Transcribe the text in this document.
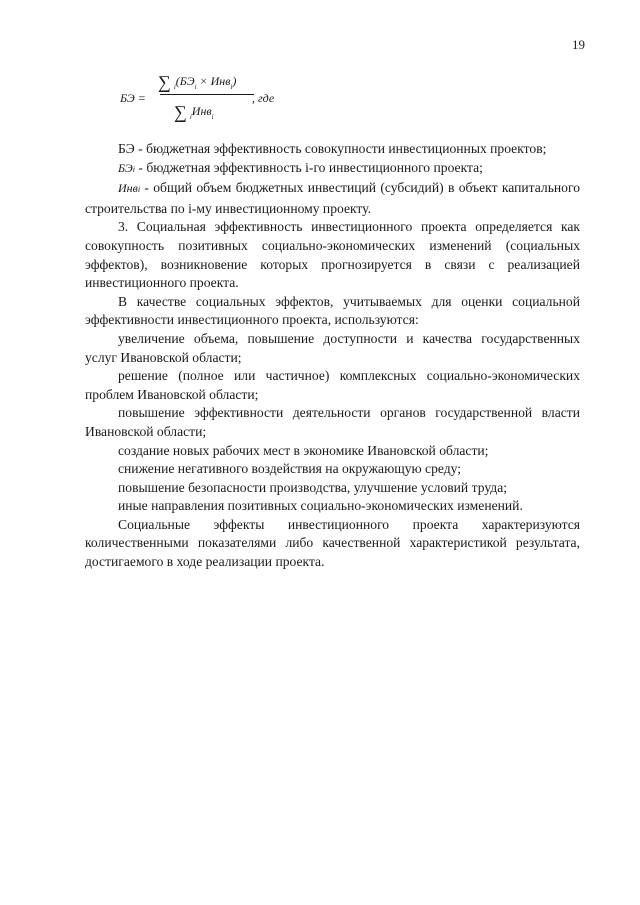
19
БЭ =
∑ $_i(БЭ_i \times Инв_i)$
, где
∑ $_i$Инв$_i$

БЭ - бюджетная эффективность совокупности инвестиционных проектов;

БЭi - бюджетная эффективность i-го инвестиционного проекта;

Инвi - общий объем бюджетных инвестиций (субсидий) в объект капитального строительства по i-му инвестиционному проекту.

3. Социальная эффективность инвестиционного проекта определяется как совокупность позитивных социально-экономических изменений (социальных эффектов), возникновение которых прогнозируется в связи с реализацией инвестиционного проекта.

В качестве социальных эффектов, учитываемых для оценки социальной эффективности инвестиционного проекта, используются:

увеличение объема, повышение доступности и качества государственных услуг Ивановской области;

решение (полное или частичное) комплексных социально-экономических проблем Ивановской области;

повышение эффективности деятельности органов государственной власти Ивановской области;

создание новых рабочих мест в экономике Ивановской области;

снижение негативного воздействия на окружающую среду;

повышение безопасности производства, улучшение условий труда;

иные направления позитивных социально-экономических изменений.

Социальные эффекты инвестиционного проекта характеризуются количественными показателями либо качественной характеристикой результата, достигаемого в ходе реализации проекта.
